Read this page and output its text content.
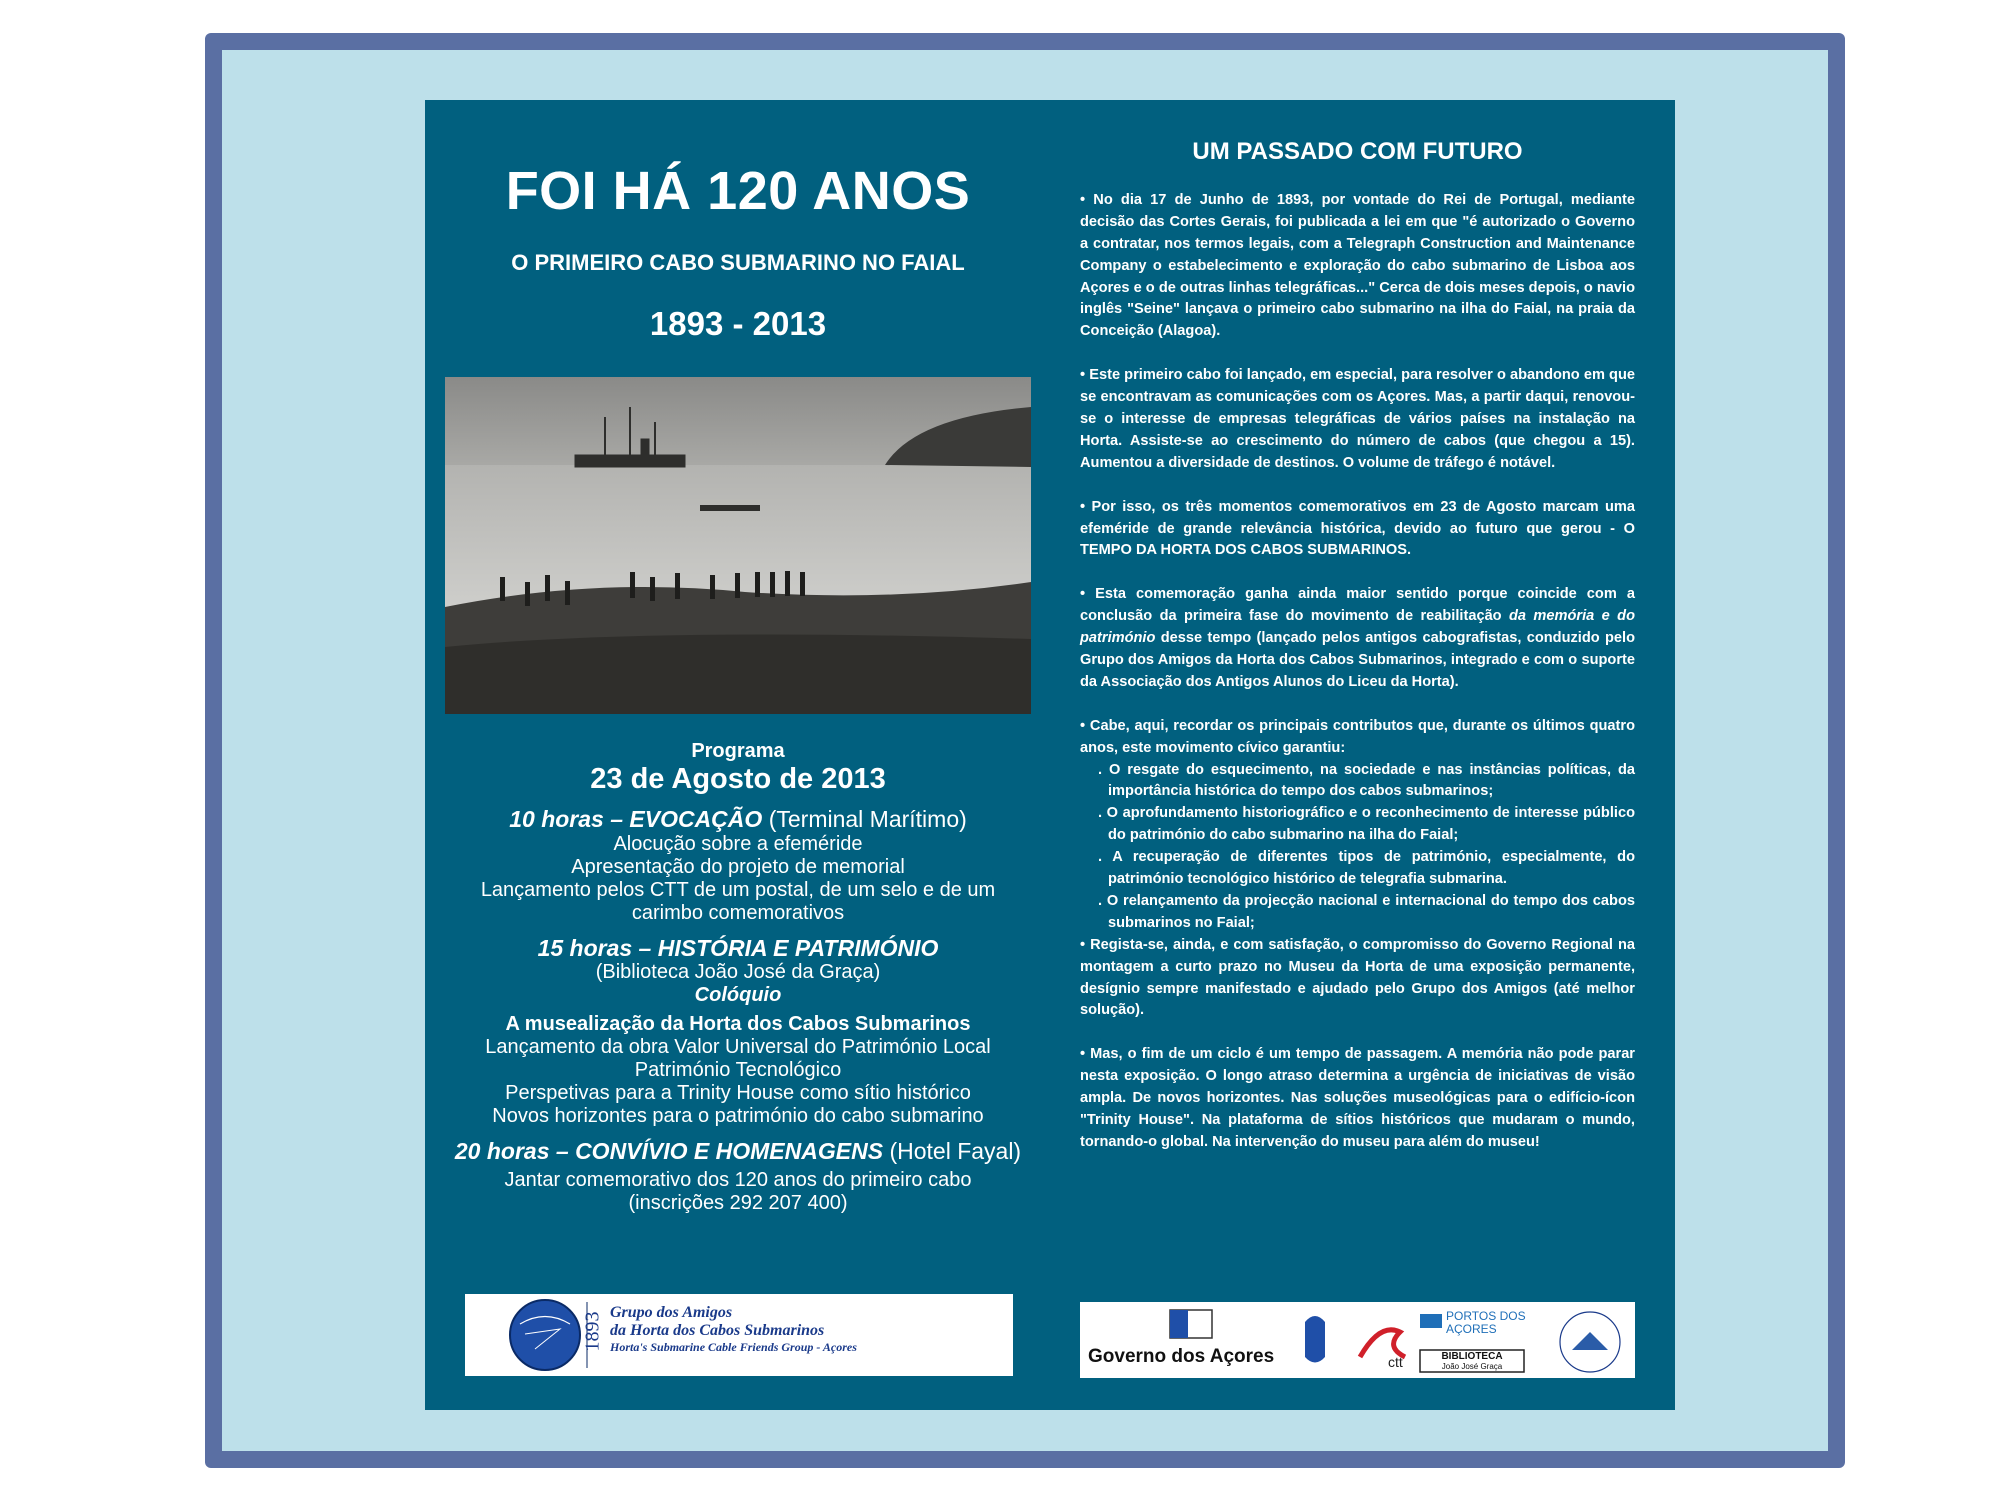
FOI HÁ 120 ANOS
O PRIMEIRO CABO SUBMARINO NO FAIAL
1893 - 2013
Programa
23 de Agosto de 2013
10 horas – EVOCAÇÃO (Terminal Marítimo)
Alocução sobre a efeméride
Apresentação do projeto de memorial
Lançamento pelos CTT de um postal, de um selo e de um carimbo comemorativos
15 horas – HISTÓRIA E PATRIMÓNIO
(Biblioteca João José da Graça)
Colóquio
A musealização da Horta dos Cabos Submarinos
Lançamento da obra Valor Universal do Património Local
Património Tecnológico
Perspetivas para a Trinity House como sítio histórico
Novos horizontes para o património do cabo submarino
20 horas – CONVÍVIO E HOMENAGENS (Hotel Fayal)
Jantar comemorativo dos 120 anos do primeiro cabo
(inscrições 292 207 400)
1893 Grupo dos Amigos
da Horta dos Cabos Submarinos
Horta's Submarine Cable Friends Group - Açores
UM PASSADO COM FUTURO

• No dia 17 de Junho de 1893, por vontade do Rei de Portugal, mediante decisão das Cortes Gerais, foi publicada a lei em que "é autorizado o Governo a contratar, nos termos legais, com a Telegraph Construction and Maintenance Company o estabelecimento e exploração do cabo submarino de Lisboa aos Açores e o de outras linhas telegráficas..." Cerca de dois meses depois, o navio inglês "Seine" lançava o primeiro cabo submarino na ilha do Faial, na praia da Conceição (Alagoa).

• Este primeiro cabo foi lançado, em especial, para resolver o abandono em que se encontravam as comunicações com os Açores. Mas, a partir daqui, renovou-se o interesse de empresas telegráficas de vários países na instalação na Horta. Assiste-se ao crescimento do número de cabos (que chegou a 15). Aumentou a diversidade de destinos. O volume de tráfego é notável.

• Por isso, os três momentos comemorativos em 23 de Agosto marcam uma efeméride de grande relevância histórica, devido ao futuro que gerou - O TEMPO DA HORTA DOS CABOS SUBMARINOS.

• Esta comemoração ganha ainda maior sentido porque coincide com a conclusão da primeira fase do movimento de reabilitação da memória e do património desse tempo (lançado pelos antigos cabografistas, conduzido pelo Grupo dos Amigos da Horta dos Cabos Submarinos, integrado e com o suporte da Associação dos Antigos Alunos do Liceu da Horta).

• Cabe, aqui, recordar os principais contributos que, durante os últimos quatro anos, este movimento cívico garantiu:
. O resgate do esquecimento, na sociedade e nas instâncias políticas, da importância histórica do tempo dos cabos submarinos;
. O aprofundamento historiográfico e o reconhecimento de interesse público do património do cabo submarino na ilha do Faial;
. A recuperação de diferentes tipos de património, especialmente, do património tecnológico histórico de telegrafia submarina.
. O relançamento da projecção nacional e internacional do tempo dos cabos submarinos no Faial;

• Regista-se, ainda, e com satisfação, o compromisso do Governo Regional na montagem a curto prazo no Museu da Horta de uma exposição permanente, desígnio sempre manifestado e ajudado pelo Grupo dos Amigos (até melhor solução).

• Mas, o fim de um ciclo é um tempo de passagem. A memória não pode parar nesta exposição. O longo atraso determina a urgência de iniciativas de visão ampla. De novos horizontes. Nas soluções museológicas para o edifício-ícon "Trinity House". Na plataforma de sítios históricos que mudaram o mundo, tornando-o global. Na intervenção do museu para além do museu!

Governo dos Açores	ctt
PORTOS DOS AÇORES
BIBLIOTECA
João José Graça
